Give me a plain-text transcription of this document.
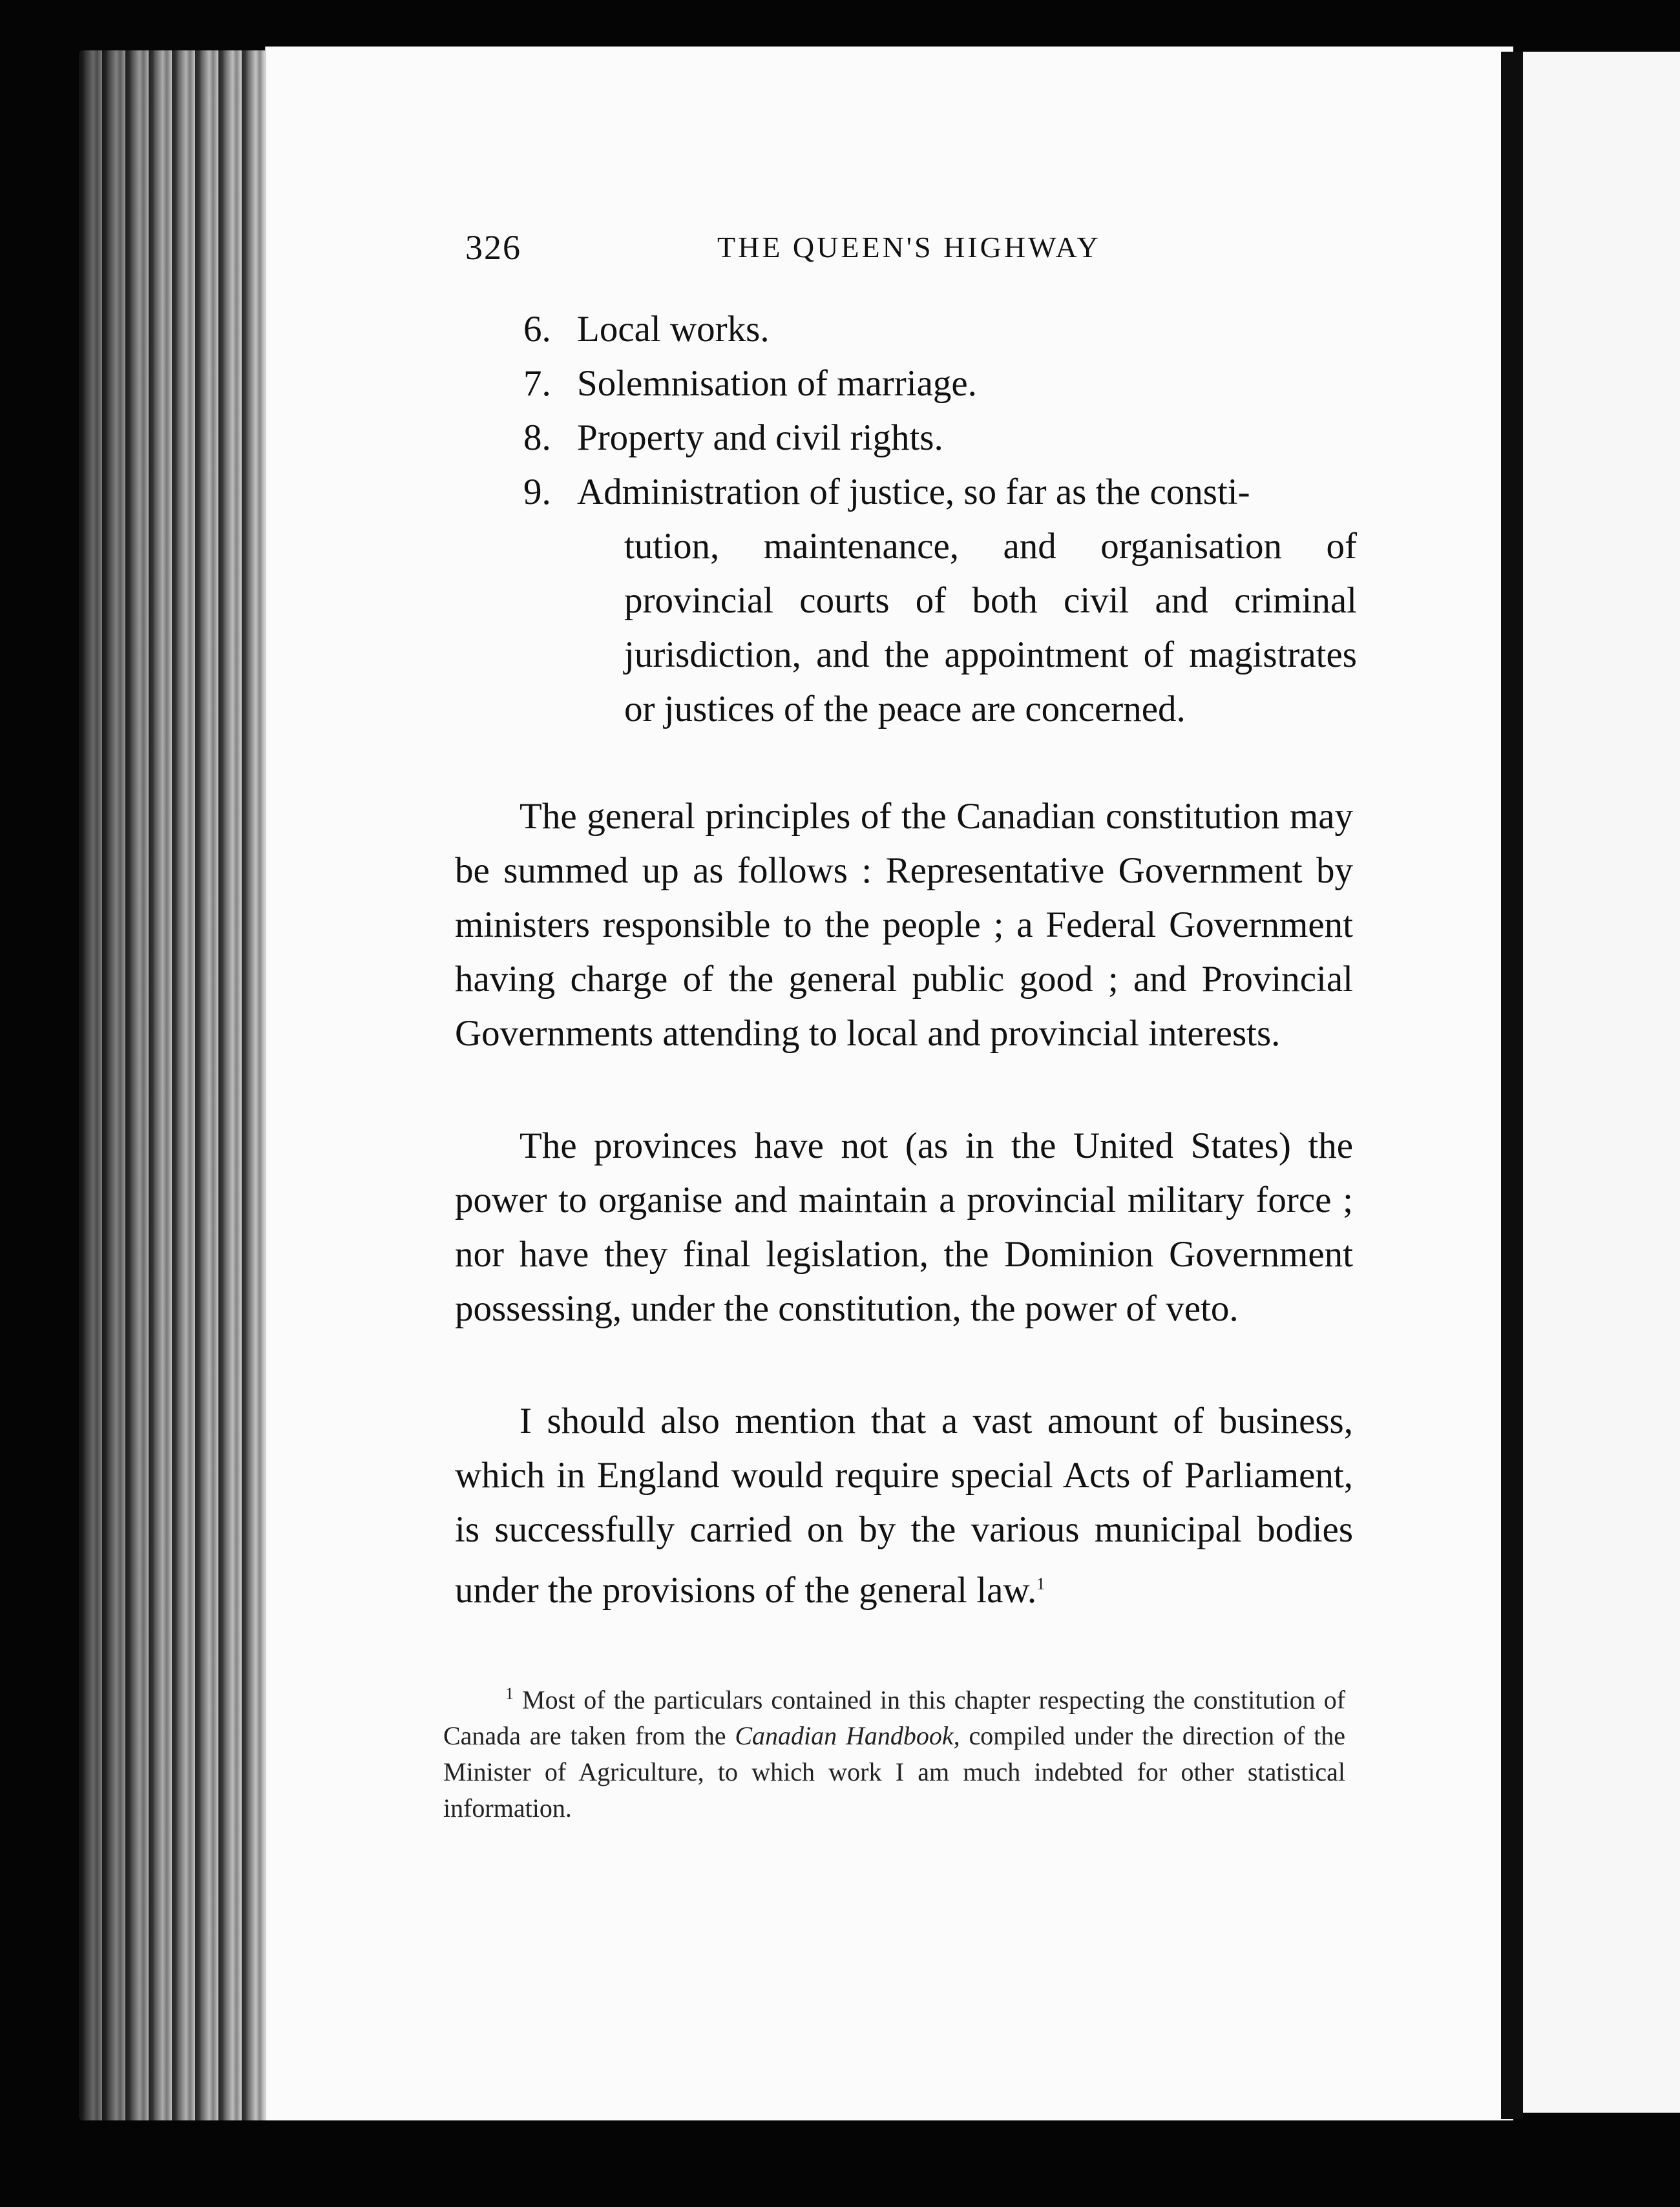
326	THE QUEEN'S HIGHWAY
6. Local works.
7. Solemnisation of marriage.
8. Property and civil rights.
9. Administration of justice, so far as the consti-
tution, maintenance, and organisation of provincial courts of both civil and criminal jurisdiction, and the appointment of magistrates or justices of the peace are concerned.
The general principles of the Canadian constitution may be summed up as follows : Representative Government by ministers responsible to the people ; a Federal Government having charge of the general public good ; and Provincial Governments attending to local and provincial interests.
The provinces have not (as in the United States) the power to organise and maintain a provincial military force ; nor have they final legislation, the Dominion Government possessing, under the constitution, the power of veto.
I should also mention that a vast amount of business, which in England would require special Acts of Parliament, is successfully carried on by the various municipal bodies under the provisions of the general law.$^1$
$^1$ Most of the particulars contained in this chapter respecting the constitution of Canada are taken from the Canadian Handbook, compiled under the direction of the Minister of Agriculture, to which work I am much indebted for other statistical information.
